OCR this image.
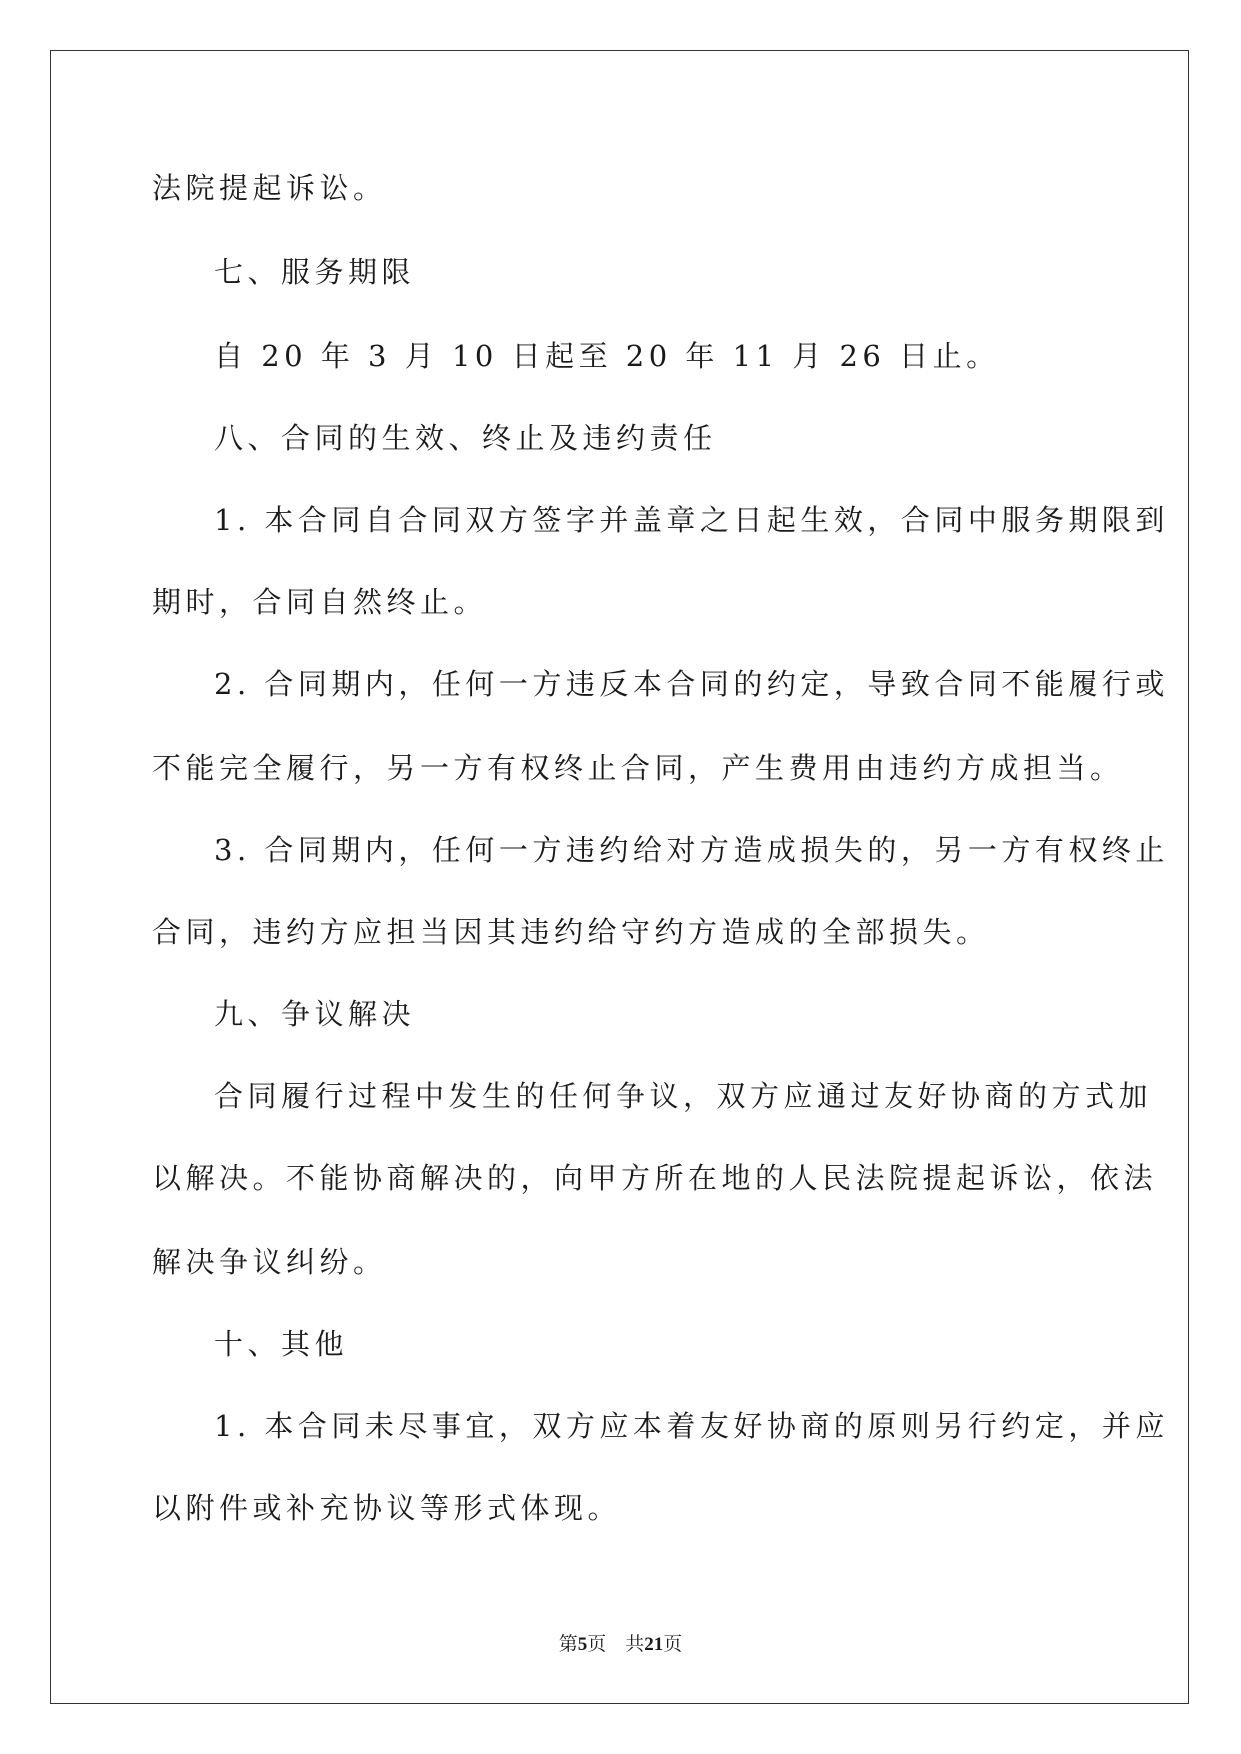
法院提起诉讼。
七、服务期限
自 20 年 3 月 10 日起至 20 年 11 月 26 日止。
八、合同的生效、终止及违约责任
1. 本合同自合同双方签字并盖章之日起生效，合同中服务期限到
期时，合同自然终止。
2. 合同期内，任何一方违反本合同的约定，导致合同不能履行或
不能完全履行，另一方有权终止合同，产生费用由违约方成担当。
3. 合同期内，任何一方违约给对方造成损失的，另一方有权终止
合同，违约方应担当因其违约给守约方造成的全部损失。
九、争议解决
合同履行过程中发生的任何争议，双方应通过友好协商的方式加
以解决。不能协商解决的，向甲方所在地的人民法院提起诉讼，依法
解决争议纠纷。
十、其他
1. 本合同未尽事宜，双方应本着友好协商的原则另行约定，并应
以附件或补充协议等形式体现。
第5页 共21页
